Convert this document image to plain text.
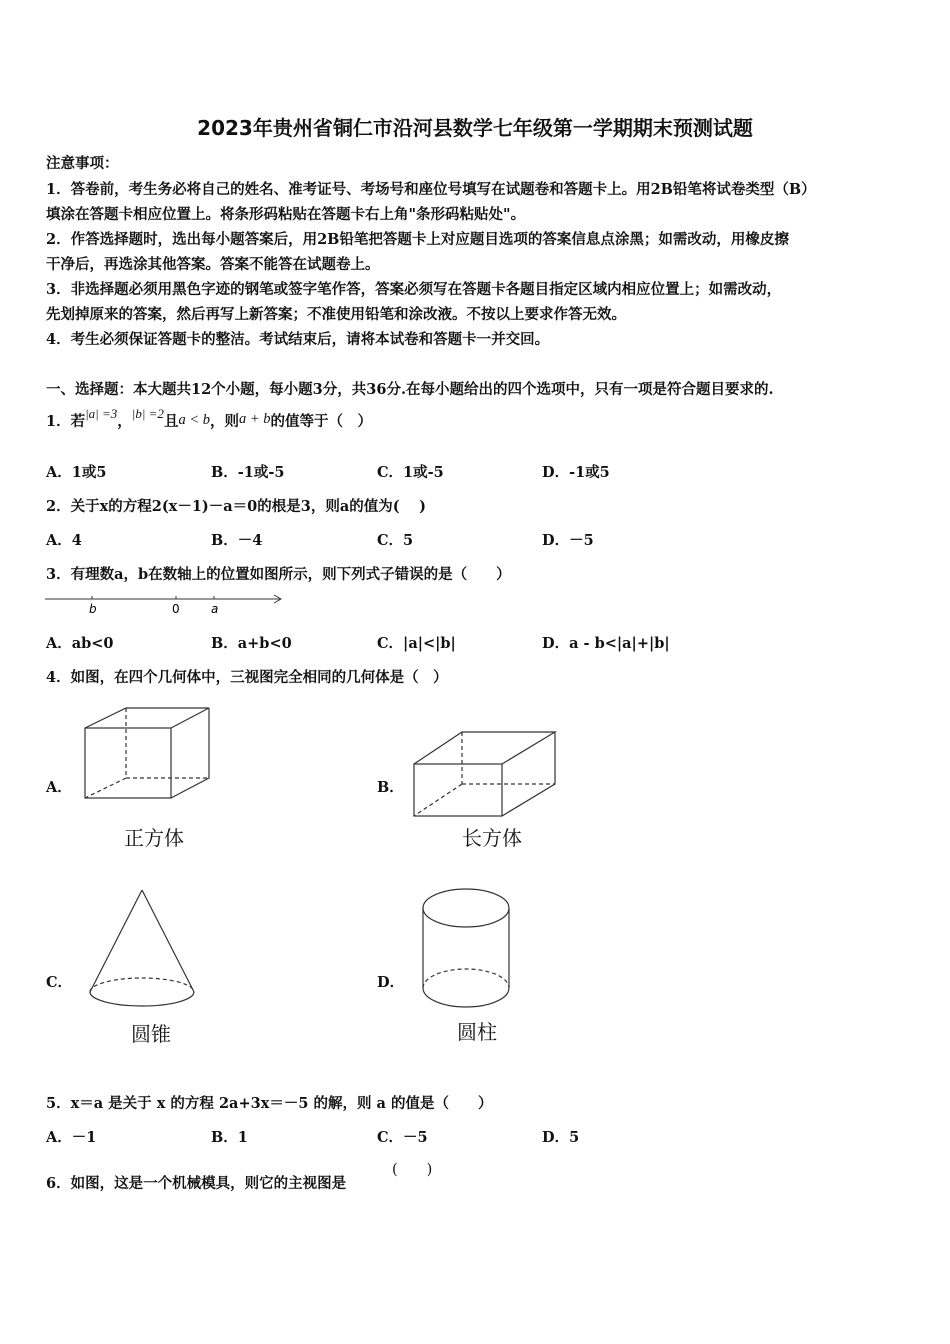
2023年贵州省铜仁市沿河县数学七年级第一学期期末预测试题
注意事项：
1．答卷前，考生务必将自己的姓名、准考证号、考场号和座位号填写在试题卷和答题卡上。用2B铅笔将试卷类型（B）
填涂在答题卡相应位置上。将条形码粘贴在答题卡右上角"条形码粘贴处"。
2．作答选择题时，选出每小题答案后，用2B铅笔把答题卡上对应题目选项的答案信息点涂黑；如需改动，用橡皮擦
干净后，再选涂其他答案。答案不能答在试题卷上。
3．非选择题必须用黑色字迹的钢笔或签字笔作答，答案必须写在答题卡各题目指定区域内相应位置上；如需改动，
先划掉原来的答案，然后再写上新答案；不准使用铅笔和涂改液。不按以上要求作答无效。
4．考生必须保证答题卡的整洁。考试结束后，请将本试卷和答题卡一并交回。
一、选择题：本大题共12个小题，每小题3分，共36分.在每小题给出的四个选项中，只有一项是符合题目要求的.
1．若|a| =3，|b| =2且a < b，则a + b的值等于（　）
A．1或5	B．-1或-5	C．1或-5	D．-1或5
2．关于x的方程2(x－1)－a＝0的根是3，则a的值为(　 )
A．4	B．－4	C．5	D．－5
3．有理数a，b在数轴上的位置如图所示，则下列式子错误的是（　　）
b	0	a
A．ab<0	B．a+b<0	C．|a|<|b|	D．a - b<|a|+|b|
4．如图，在四个几何体中，三视图完全相同的几何体是（　）
A．
正方体
B．
长方体
C．
圆锥
D．
圆柱
5．x＝a 是关于 x 的方程 2a+3x＝－5 的解，则 a 的值是（　　）
A．－1	B．1	C．－5	D．5
6．如图，这是一个机械模具，则它的主视图是
(　　)
